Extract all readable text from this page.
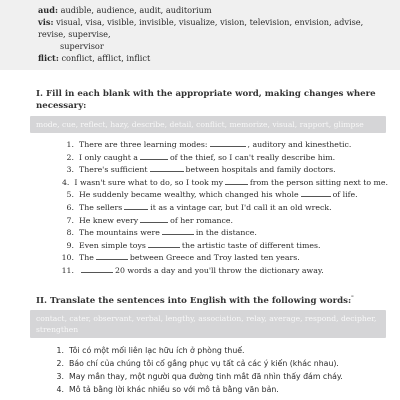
aud: audible, audience, audit, auditorium
vis: visual, visa, visible, invisible, visualize, vision, television, envision, advise, revise, supervise,
supervisor
flict: conflict, afflict, inflict
I. Fill in each blank with the appropriate word, making changes where necessary:
mode, cue, reflect, hazy, describe, detail, conflict, memorize, visual, rapport, glimpse
1. There are three learning modes:	, auditory and kinesthetic.
2. I only caught a	of the thief, so I can't really describe him.
3. There's sufficient	between hospitals and family doctors.
4. I wasn't sure what to do, so I took my	from the person sitting next to me.
5. He suddenly became wealthy, which changed his whole	of life.
6. The sellers	it as a vintage car, but I'd call it an old wreck.
7. He knew every	of her romance.
8. The mountains were	in the distance.
9. Even simple toys	the artistic taste of different times.
10. The	between Greece and Troy lasted ten years.
11.	20 words a day and you'll throw the dictionary away.
II. Translate the sentences into English with the following words:"
contact, cater, observant, verbal, lengthy, association, relay, average, respond, decipher, strengthen
1. Tôi có một mối liên lạc hữu ích ở phòng thuế.
2. Báo chí của chúng tôi cố gắng phục vụ tất cả các ý kiến (khác nhau).
3. May mắn thay, một người qua đường tinh mắt đã nhìn thấy đám cháy.
4. Mô tả bằng lời khác nhiều so với mô tả bằng văn bản.
